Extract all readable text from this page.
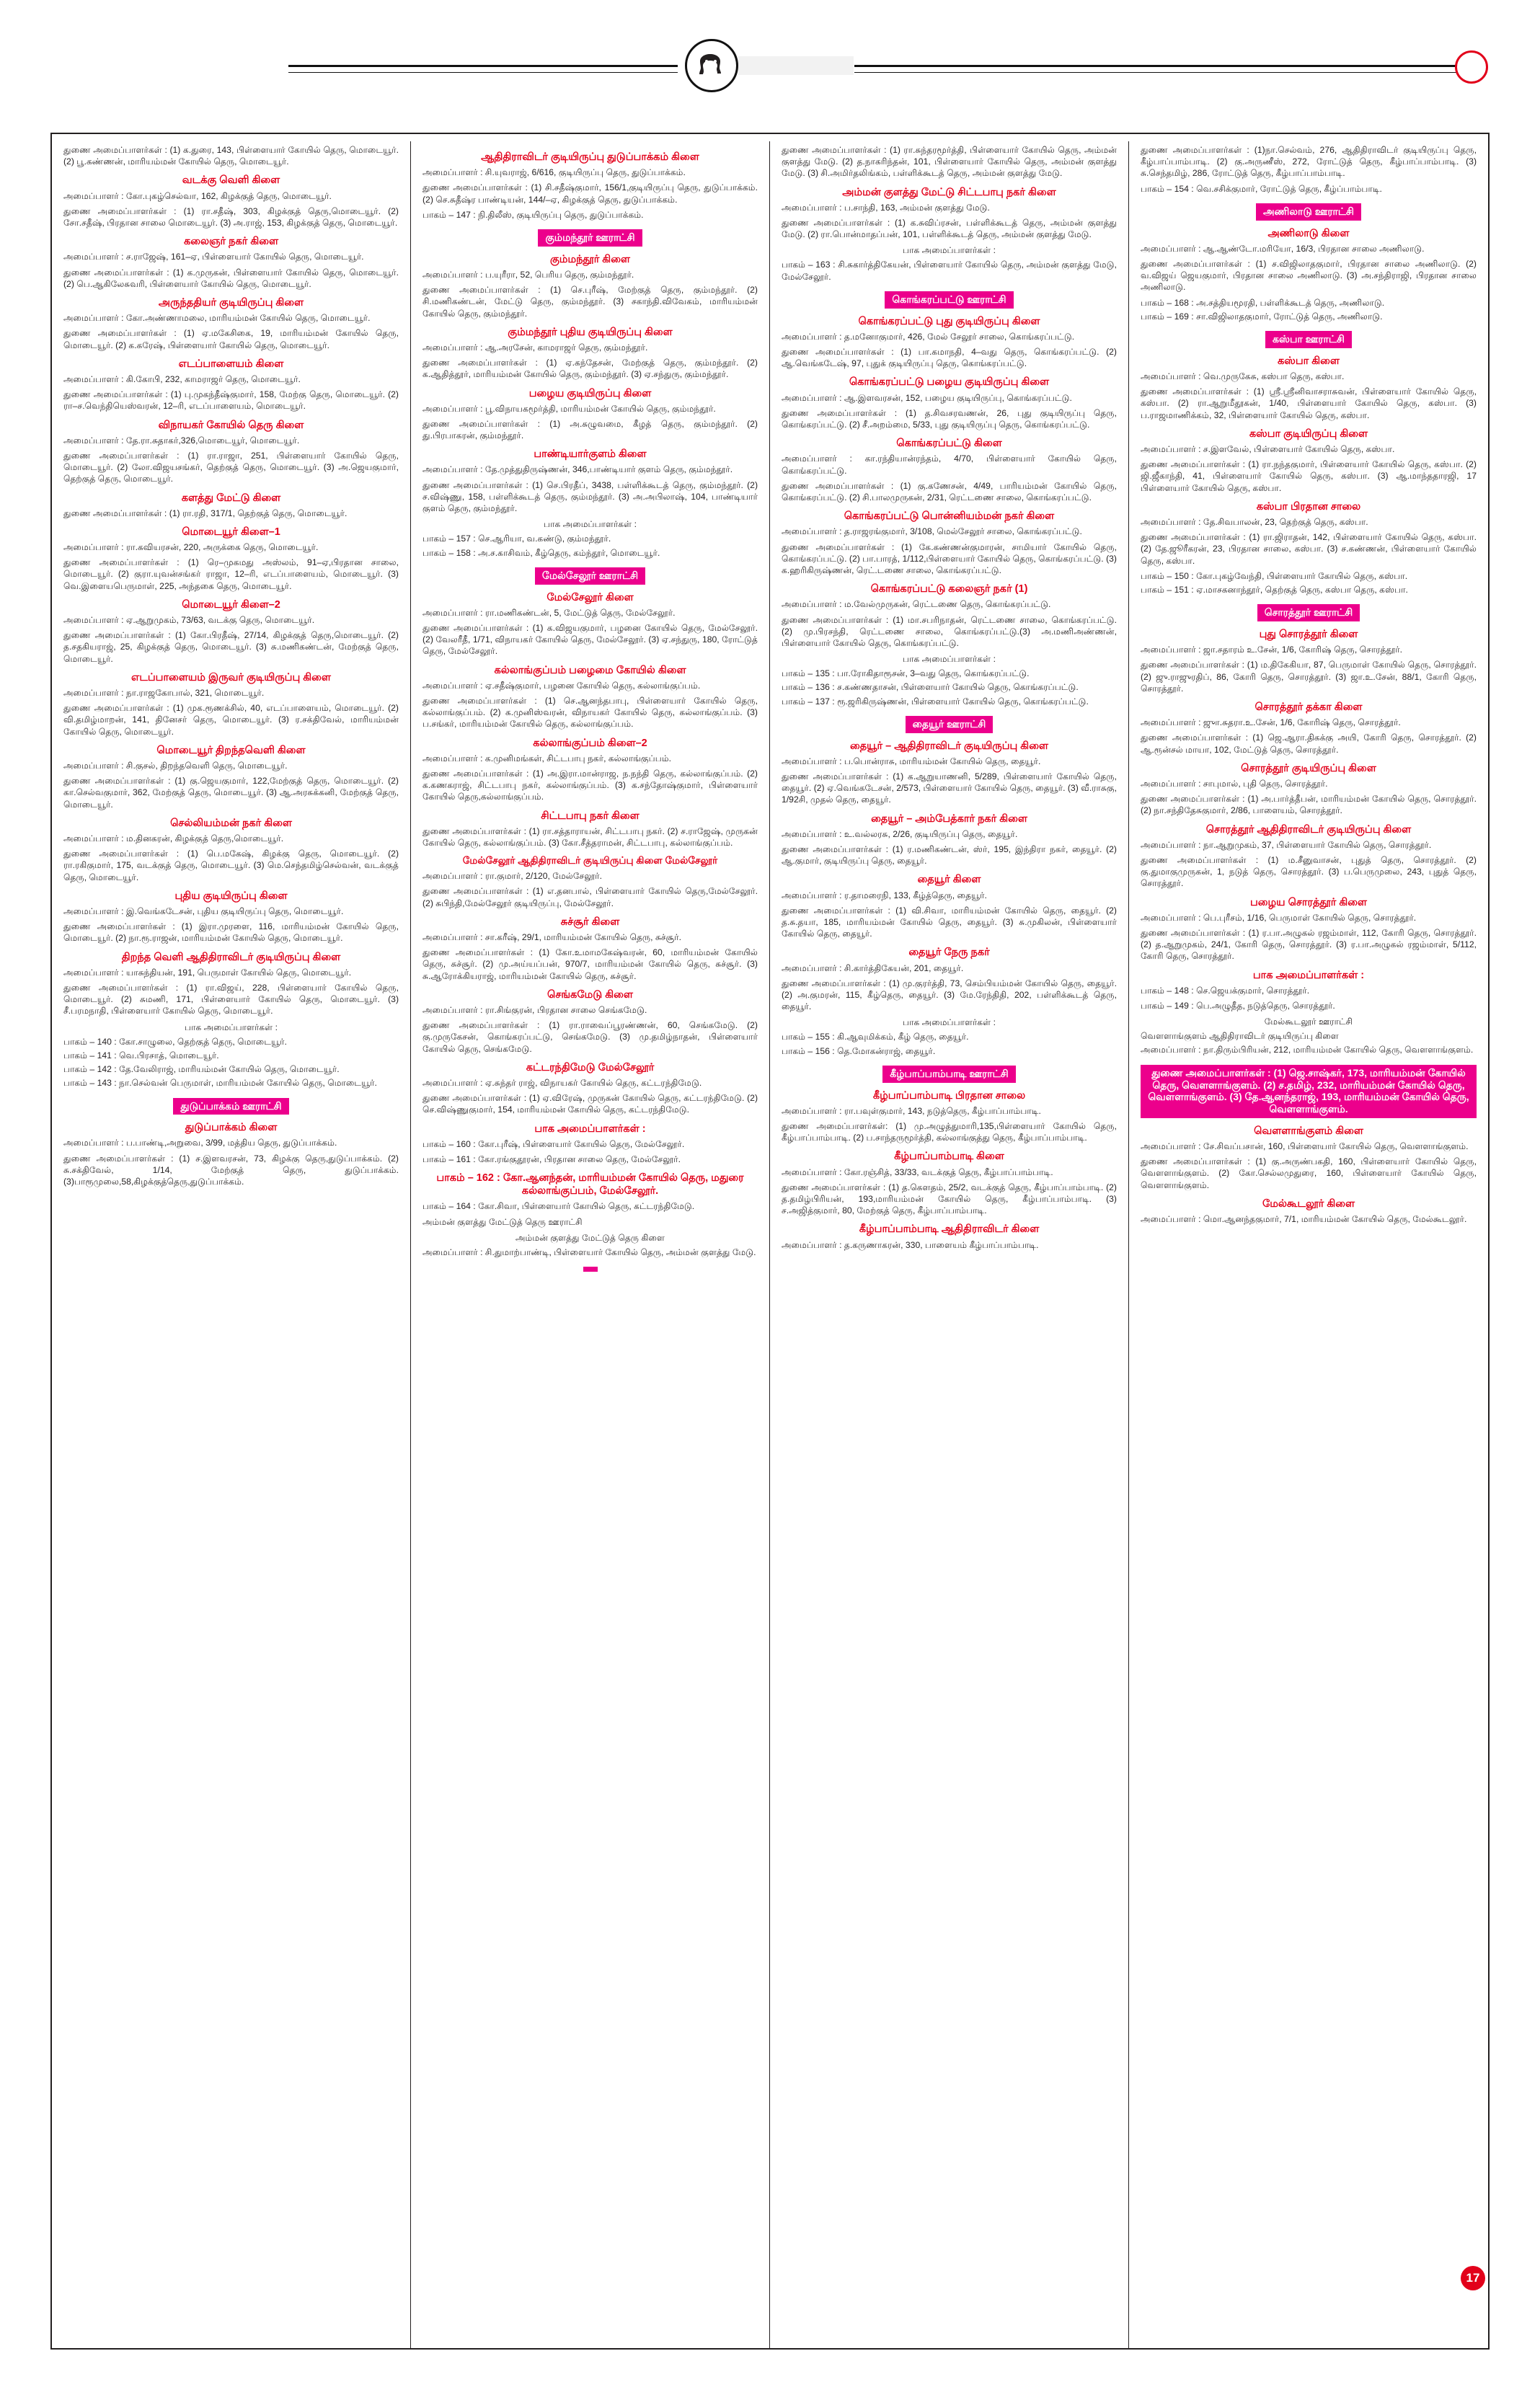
துணை அமைப்பாளர்கள் : (1) க.துரை, 143, பிள்ளையார் கோயில் தெரு, மொடையூர். (2) பூ.கண்ணன், மாரியம்மன் கோயில் தெரு, மொடையூர்.

வடக்கு வெளி கிளை

அமைப்பாளர் : கோ.புகழ்செல்வா, 162, கிழக்குத் தெரு, மொடையூர்.

துணை அமைப்பாளர்கள் : (1) ரா.சதீஷ், 303, கிழக்குத் தெரு,மொடையூர். (2) சோ.சதீஷ், பிரதான சாலை மொடையூர். (3) அ.ராஜ், 153, கிழக்குத் தெரு, மொடையூர்.

கலைஞர் நகர் கிளை

அமைப்பாளர் : ச.ராஜேஷ், 161–ஏ, பிள்ளையார் கோயில் தெரு, மொடையூர்.

துணை அமைப்பாளர்கள் : (1) க.முருகன், பிள்ளையார் கோயில் தெரு, மொடையூர். (2) பெ.ஆகிலேசுவரி, பிள்ளையார் கோயில் தெரு, மொடையூர்.

அருந்ததியர் குடியிருப்பு கிளை

அமைப்பாளர் : கோ.அண்ணாமலை, மாரியம்மன் கோயில் தெரு, மொடையூர்.

துணை அமைப்பாளர்கள் : (1) ஏ.மகேசிகை, 19, மாரியம்மன் கோயில் தெரு, மொடையூர். (2) க.கரேஷ், பிள்ளையார் கோயில் தெரு, மொடையூர்.

எடப்பாளையம் கிளை

அமைப்பாளர் : கி.கோபி, 232, காமராஜர் தெரு, மொடையூர்.

துணை அமைப்பாளர்கள் : (1) பு.முகந்தீஷ்குமார், 158, மேற்கு தெரு, மொடையூர். (2) ரா–ச.வெந்தியெஸ்வரன், 12–ரி, எடப்பாளையம், மொடையூர்.

விநாயகர் கோயில் தெரு கிளை

அமைப்பாளர் : தே.ரா.சுதாகர்,326,மொடையூர், மொடையூர்.

துணை அமைப்பாளர்கள் : (1) ரா.ராஜா, 251, பிள்ளையார் கோயில் தெரு, மொடையூர். (2) லோ.விஜயசங்கர், தெற்குத் தெரு, மொடையூர். (3) அ.ஜெயகுமார், தெற்குத் தெரு, மொடையூர்.

களத்து மேட்டு கிளை

துணை அமைப்பாளர்கள் : (1) ரா.ரதி, 317/1, தெற்குத் தெரு, மொடையூர்.

மொடையூர் கிளை–1

அமைப்பாளர் : ரா.கவியரசன், 220, அருக்கை தெரு, மொடையூர்.

துணை அமைப்பாளர்கள் : (1) ரெ–முகமது அஸ்லம், 91–ஏ,பிரதான சாலை, மொடையூர். (2) குரா.யுவன்சங்கர் ராஜா, 12–ரி, எடப்பாளையம், மொடையூர். (3) வெ.இளையபெருமாள், 225, அந்தகை தெரு, மொடையூர்.

மொடையூர் கிளை–2

அமைப்பாளர் : ஏ.ஆறுமுகம், 73/63, வடக்கு தெரு, மொடையூர்.

துணை அமைப்பாளர்கள் : (1) கோ.பிரதீஷ், 27/14, கிழக்குத் தெரு,மொடையூர். (2) த.சதகியராஜ், 25, கிழக்குத் தெரு, மொடையூர். (3) சு.மணிகண்டன், மேற்குத் தெரு, மொடையூர்.

எடப்பாளையம் இருவர் குடியிருப்பு கிளை

அமைப்பாளர் : நா.ராஜகோபால், 321, மொடையூர்.

துணை அமைப்பாளர்கள் : (1) முக.ரூணக்சில், 40, எடப்பாளையம், மொடையூர். (2) வி.தமிழ்மாறன், 141, தினேசர் தெரு, மொடையூர். (3) ர.சக்திவேல், மாரியம்மன் கோயில் தெரு, மொடையூர்.

மொடையூர் திறந்தவெளி கிளை

அமைப்பாளர் : சி.குசல், திறந்தவெளி தெரு, மொடையூர்.

துணை அமைப்பாளர்கள் : (1) கு.ஜெயகுமார், 122,மேற்குத் தெரு, மொடையூர். (2) கா.செல்வகுமார், 362, மேற்குத் தெரு, மொடையூர். (3) ஆ.அரசுக்கனி, மேற்குத் தெரு, மொடையூர்.

செல்லியம்மன் நகர் கிளை

அமைப்பாளர் : ம.தினகரன், கிழக்குத் தெரு,மொடையூர்.

துணை அமைப்பாளர்கள் : (1) பெ.மகேஷ், கிழக்கு தெரு, மொடையூர். (2) ரா.ரகிகுமார், 175, வடக்குத் தெரு, மொடையூர். (3) மெ.செந்தமிழ்செல்வன், வடக்குத் தெரு, மொடையூர்.

புதிய குடியிருப்பு கிளை

அமைப்பாளர் : இ.வெங்கடேசன், புதிய குடியிருப்பு தெரு, மொடையூர்.

துணை அமைப்பாளர்கள் : (1) இரா.முரளை, 116, மாரியம்மன் கோயில் தெரு, மொடையூர். (2) நா.ரூ.ராஜன், மாரியம்மன் கோயில் தெரு, மொடையூர்.

திறந்த வெளி ஆதிதிராவிடர் குடியிருப்பு கிளை

அமைப்பாளர் : யாசுந்தியன், 191, பெருமாள் கோயில் தெரு, மொடையூர்.

துணை அமைப்பாளர்கள் : (1) ரா.விஜய், 228, பிள்ளையார் கோயில் தெரு, மொடையூர். (2) சுமணி, 171, பிள்ளையார் கோயில் தெரு, மொடையூர். (3) சீ.பரமநாதி, பிள்ளையார் கோயில் தெரு, மொடையூர்.

பாக அமைப்பாளர்கள் :

பாகம் – 140 : கோ.சாழுலை, தெற்குத் தெரு, மொடையூர்.

பாகம் – 141 : வெ.பிரசாத், மொடையூர்.

பாகம் – 142 : தே.வேலிராஜ், மாரியம்மன் கோயில் தெரு, மொடையூர்.

பாகம் – 143 : நா.செல்வன் பெருமாள், மாரியம்மன் கோயில் தெரு, மொடையூர்.

துடுப்பாக்கம் ஊராட்சி
துடுப்பாக்கம் கிளை

அமைப்பாளர் : ப.பாண்டி,அறுவை, 3/99, மத்திய தெரு, துடுப்பாக்கம்.

துணை அமைப்பாளர்கள் : (1) ச.இளவரசன், 73, கிழக்கு தெரு,துடுப்பாக்கம். (2) சு.சக்திவேல், 1/14, மேற்குத் தெரு, துடுப்பாக்கம். (3)பாரூமுலை,58,கிழக்குத்தெரு,துடுப்பாக்கம்.

ஆதிதிராவிடர் குடியிருப்பு துடுப்பாக்கம் கிளை

அமைப்பாளர் : சி.யுவராஜ், 6/616, குடியிருப்பு தெரு, துடுப்பாக்கம்.

துணை அமைப்பாளர்கள் : (1) சி.சதீஷ்குமார், 156/1,குடியிருப்பு தெரு, துடுப்பாக்கம். (2) செ.சுதீஷ்ர பாண்டியன், 144/–ஏ, கிழக்குத் தெரு, துடுப்பாக்கம்.

பாகம் – 147 : நி.திலீஸ், குடியிருப்பு தெரு, துடுப்பாக்கம்.

கும்மந்தூர் ஊராட்சி
கும்மந்தூர் கிளை

அமைப்பாளர் : ப.யுரீரா, 52, பெரிய தெரு, கும்மந்தூர்.

துணை அமைப்பாளர்கள் : (1) செ.புரீஷ், மேற்குத் தெரு, கும்மந்தூர். (2) சி.மணிகண்டன், மேட்டு தெரு, கும்மந்தூர். (3) சகாந்தி.விவேகம், மாரியம்மன் கோயில் தெரு, கும்மந்தூர்.

கும்மந்தூர் புதிய குடியிருப்பு கிளை

அமைப்பாளர் : ஆ.அரசேன், காமராஜர் தெரு, கும்மந்தூர்.

துணை அமைப்பாளர்கள் : (1) ஏ.கந்தேசன், மேற்குத் தெரு, கும்மந்தூர். (2) க.ஆதித்தூர், மாரியம்மன் கோயில் தெரு, கும்மந்தூர். (3) ஏ.சந்துரு, கும்மந்தூர்.

பழைய குடியிருப்பு கிளை

அமைப்பாளர் : பூ.விநாயகமூர்த்தி, மாரியம்மன் கோயில் தெரு, கும்மந்தூர்.

துணை அமைப்பாளர்கள் : (1) அ.சுழுவமை, கீழத் தெரு, கும்மந்தூர். (2) து.பிரபாகரன், கும்மந்தூர்.

பாண்டியார்குளம் கிளை

அமைப்பாளர் : தே.முத்துதிருஷ்ணன், 346,பாண்டியார் குளம் தெரு, கும்மந்தூர்.

துணை அமைப்பாளர்கள் : (1) செ.பிரதீப், 3438, பள்ளிக்கூடத் தெரு, கும்மந்தூர். (2) ச.விஷ்ணு, 158, பள்ளிக்கூடத் தெரு, கும்மந்தூர். (3) அ.அபிலாஷ், 104, பாண்டியார் குளம் தெரு, கும்மந்தூர்.

பாக அமைப்பாளர்கள் :

பாகம் – 157 : செ.ஆரியா, வ.கண்டு, கும்மந்தூர்.

பாகம் – 158 : அ.ச.காசிவம், கீழ்தெரு, கம்ந்தூர், மொடையூர்.

மேல்சேலூர் ஊராட்சி
மேல்சேலூர் கிளை

அமைப்பாளர் : ரா.மணிகண்டன், 5, மேட்டுத் தெரு, மேல்சேலூர்.

துணை அமைப்பாளர்கள் : (1) க.விஜயகுமார், பழனை கோயில் தெரு, மேல்சேலூர். (2) வேலரீதீ, 1/71, விநாயகர் கோயில் தெரு, மேல்சேலூர். (3) ஏ.சந்துரு, 180, ரோட்டுத் தெரு, மேல்சேலூர்.

கல்லாங்குப்பம் பழைமை கோயில் கிளை

அமைப்பாளர் : ஏ.சதீஷ்குமார், பழனை கோயில் தெரு, கல்லாங்குப்பம்.

துணை அமைப்பாளர்கள் : (1) செ.ஆனந்தபாபு, பிள்ளையார் கோயில் தெரு, கல்லாங்குப்பம். (2) க.முனிஸ்வரன், விநாயகர் கோயில் தெரு, கல்லாங்குப்பம். (3) ப.சங்கர், மாரியம்மன் கோயில் தெரு, கல்லாங்குப்பம்.

கல்லாங்குப்பம் கிளை–2

அமைப்பாளர் : க.முனிமங்கள், சிட்டபாபு நகர், கல்லாங்குப்பம்.

துணை அமைப்பாளர்கள் : (1) அ.இரா.மான்ராஜ, ந.நந்தி தெரு, கல்லாங்குப்பம். (2) க.கணகராஜ், சிட்டபாபு நகர், கல்லாங்குப்பம். (3) க.சந்தோஷ்குமார், பிள்ளையார் கோயில் தெரு,கல்லாங்குப்பம்.

சிட்டபாபு நகர் கிளை

துணை அமைப்பாளர்கள் : (1) ரா.சத்தாராயன், சிட்டபாபு நகர். (2) ச.ராஜேஷ், முருகன் கோயில் தெரு, கல்லாங்குப்பம். (3) கோ.சீத்தராமன், சிட்டபாபு, கல்லாங்குப்பம்.

மேல்சேலூர் ஆதிதிராவிடர் குடியிருப்பு கிளை மேல்சேலூர்

அமைப்பாளர் : ரா.குமார், 2/120, மேல்சேலூர்.

துணை அமைப்பாளர்கள் : (1) எ.தனபால், பிள்ளையார் கோயில் தெரு,மேல்சேலூர். (2) சுபிந்தி,மேல்சேலூர் குடியிருப்பு, மேல்சேலூர்.

சுச்சூர் கிளை

அமைப்பாளர் : சா.கரீஷ், 29/1, மாரியம்மன் கோயில் தெரு, சுச்சூர்.

துணை அமைப்பாளர்கள் : (1) கோ.உமாமகேஷ்வரன், 60, மாரியம்மன் கோயில் தெரு, சுச்சூர். (2) மு.அய்யப்பன், 970/7, மாரியம்மன் கோயில் தெரு, சுச்சூர். (3) சு.ஆரோக்கியராஜ், மாரியம்மன் கோயில் தெரு, சுச்சூர்.

செங்கமேடு கிளை

அமைப்பாளர் : ரா.சிங்குரன், பிரதான சாலை செங்கமேடு.

துணை அமைப்பாளர்கள் : (1) ரா.ராவைப்பூரண்ணன், 60, செங்கமேடு. (2) கு.முருகேசன், கொங்கரப்பட்டு, செங்கமேடு. (3) மு.தமிழ்நாதன், பிள்ளையார் கோயில் தெரு, செங்கமேடு.

கட்டரந்திமேடு மேல்சேலூர்

அமைப்பாளர் : ஏ.சுந்தர் ராஜ், விநாயகர் கோயில் தெரு, கட்டரந்திமேடு.

துணை அமைப்பாளர்கள் : (1) ஏ.விரேஷ், முருகன் கோயில் தெரு, கட்டரந்திமேடு. (2) செ.விஷ்ணுகுமார், 154, மாரியம்மன் கோயில் தெரு, கட்டரந்திமேடு.

பாக அமைப்பாளர்கள் :

பாகம் – 160 : கோ.புரீஷ், பிள்ளையார் கோயில் தெரு, மேல்சேலூர்.

பாகம் – 161 : கோ.ரங்குதூரன், பிரதான சாலை தெரு, மேல்சேலூர்.

பாகம் – 162 : கோ.ஆனந்தன், மாரியம்மன் கோயில் தெரு, மதுரை கல்லாங்குப்பம், மேல்சேலூர்.

பாகம் – 164 : கோ.சிவா, பிள்ளையார் கோயில் தெரு, கட்டரந்திமேடு.

அம்மன் குளத்து மேட்டுத் தெரு ஊராட்சி

அம்மன் குளத்து மேட்டுத் தெரு கிளை

அமைப்பாளர் : சி.துமாற்பாண்டி, பிள்ளையார் கோயில் தெரு, அம்மன் குளத்து மேடு.

துணை அமைப்பாளர்கள் : (1) ரா.சுந்தரமூர்த்தி, பிள்ளையார் கோயில் தெரு, அம்மன் குளத்து மேடு. (2) த.நாகரிந்தன், 101, பிள்ளையார் கோயில் தெரு, அம்மன் குளத்து மேடு. (3) சி.அமிர்தலிங்கம், பள்ளிக்கூடத் தெரு, அம்மன் குளத்து மேடு.

அம்மன் குளத்து மேட்டு சிட்டபாபு நகர் கிளை

அமைப்பாளர் : ப.சாந்தி, 163, அம்மன் குளத்து மேடு.

துணை அமைப்பாளர்கள் : (1) க.சுவிப்ரசன், பள்ளிக்கூடத் தெரு, அம்மன் குளத்து மேடு. (2) ரா.பொன்மாதப்பன், 101, பள்ளிக்கூடத் தெரு, அம்மன் குளத்து மேடு.

பாக அமைப்பாளர்கள் :

பாகம் – 163 : சி.சுகார்த்திகேயன், பிள்ளையார் கோயில் தெரு, அம்மன் குளத்து மேடு, மேல்சேலூர்.

கொங்கரப்பட்டு ஊராட்சி
கொங்கரப்பட்டு புது குடியிருப்பு கிளை

அமைப்பாளர் : த.மனோகுமார், 426, மேல் சேலூர் சாலை, கொங்கரப்பட்டு.

துணை அமைப்பாளர்கள் : (1) பா.கமாநதி, 4–வது தெரு, கொங்கரப்பட்டு. (2) ஆ.வெங்கடேஷ், 97, புதுக் குடியிருப்பு தெரு, கொங்கரப்பட்டு.

கொங்கரப்பட்டு பழைய குடியிருப்பு கிளை

அமைப்பாளர் : ஆ.இளவரசன், 152, பழைய குடியிருப்பு, கொங்கரப்பட்டு.

துணை அமைப்பாளர்கள் : (1) த.சிவசரவணன், 26, புது குடியிருப்பு தெரு, கொங்கரப்பட்டு. (2) சீ.அறம்மை, 5/33, புது குடியிருப்பு தெரு, கொங்கரப்பட்டு.

கொங்கரப்பட்டு கிளை

அமைப்பாளர் : கா.ரந்தியான்ரந்தம், 4/70, பிள்ளையார் கோயில் தெரு, கொங்கரப்பட்டு.

துணை அமைப்பாளர்கள் : (1) கு.கணேசன், 4/49, பாரியம்மன் கோயில் தெரு, கொங்கரப்பட்டு. (2) சி.பாலமுருகன், 2/31, ரெட்டணை சாலை, கொங்கரப்பட்டு.

கொங்கரப்பட்டு பொன்னியம்மன் நகர் கிளை

அமைப்பாளர் : த.ராஜரங்குமார், 3/108, மெல்சேலூர் சாலை, கொங்கரப்பட்டு.

துணை அமைப்பாளர்கள் : (1) கே.கண்ணன்குமாரன், சாமியார் கோயில் தெரு, கொங்கரப்பட்டு. (2) பா.பாரத், 1/112,பிள்ளையார் கோயில் தெரு, கொங்கரப்பட்டு. (3) க.ஹரிகிருஷ்ணன், ரெட்.டணை சாலை, கொங்கரப்பட்டு.

கொங்கரப்பட்டு கலைஞர் நகர் (1)

அமைப்பாளர் : ம.வேல்முருகன், ரெட்டணை தெரு, கொங்கரப்பட்டு.

துணை அமைப்பாளர்கள் : (1) மா.சபரிநாதன், ரெட்டணை சாலை, கொங்கரப்பட்டு. (2) மு.பிரசந்தி, ரெட்டணை சாலை, கொங்கரப்பட்டு.(3) அ.மணிஅண்ணன், பிள்ளையார் கோயில் தெரு, கொங்கரப்பட்டு.

பாக அமைப்பாளர்கள் :

பாகம் – 135 : பா.ரோகிதாரூசன், 3–வது தெரு, கொங்கரப்பட்டு.

பாகம் – 136 : ச.கண்ணதாசன், பிள்ளையார் கோயில் தெரு, கொங்கரப்பட்டு.

பாகம் – 137 : ரூ.ஜரிகிருஷ்ணன், பிள்ளையார் கோயில் தெரு, கொங்கரப்பட்டு.

தையூர் ஊராட்சி
தையூர் – ஆதிதிராவிடர் குடியிருப்பு கிளை

அமைப்பாளர் : ப.பொன்ராசு, மாரியம்மன் கோயில் தெரு, தையூர்.

துணை அமைப்பாளர்கள் : (1) க.ஆறுயாணனி, 5/289, பிள்ளையார் கோயில் தெரு, தையூர். (2) ஏ.வெங்கடேசன், 2/573, பிள்ளையார் கோயில் தெரு, தையூர். (3) வீ.ராசுகு, 1/92சி, முதல் தெரு, தையூர்.

தையூர் – அம்பேத்கார் நகர் கிளை

அமைப்பாளர் : உ.வல்லரசு, 2/26, குடியிருப்பு தெரு, தையூர்.

துணை அமைப்பாளர்கள் : (1) ர.மணிகண்டன், ஸ்ர், 195, இந்திரா நகர், தையூர். (2) ஆ.குமார், குடியிருப்பு தெரு, தையூர்.

தையூர் கிளை

அமைப்பாளர் : ர.தாமரைநி, 133, கீழ்த்தெரு, தையூர்.

துணை அமைப்பாளர்கள் : (1) வி.சிவா, மாரியம்மன் கோயில் தெரு, தையூர். (2) த.சு.தயா, 185, மாரியம்மன் கோயில் தெரு, தையூர். (3) சு.முகிலன், பிள்ளையார் கோயில் தெரு, தையூர்.

தையூர் நேரு நகர்

அமைப்பாளர் : சி.கார்த்திகேயன், 201, தையூர்.

துணை அமைப்பாளர்கள் : (1) மு.குரர்த்தி, 73, செம்பியம்மன் கோயில் தெரு, தையூர். (2) அ.குமரன், 115, கீழ்தெரு, தையூர். (3) மே.ரேந்திதி, 202, பள்ளிக்கூடத் தெரு, தையூர்.

பாக அமைப்பாளர்கள் :

பாகம் – 155 : கி.ஆவுமிக்கம், கீழ் தெரு, தையூர்.

பாகம் – 156 : தெ.மோகன்ராஜ், தையூர்.

கீழ்பாப்பாம்பாடி ஊராட்சி
கீழ்பாப்பாம்பாடி பிரதான சாலை

அமைப்பாளர் : ரா.பவுள்குமார், 143, நடுத்தெரு, கீழ்பாப்பாம்பாடி.

துணை அமைப்பாளர்கள்: (1) மு.அழுத்துமாரி,135,பிள்ளையார் கோயில் தெரு, கீழ்பாப்பாம்பாடி. (2) ப.சாந்தருமூர்த்தி, கல்லாங்குத்து தெரு, கீழ்பாப்பாம்பாடி.

கீழ்பாப்பாம்பாடி கிளை

அமைப்பாளர் : கோ.ரஞ்சித், 33/33, வடக்குத் தெரு, கீழ்பாப்பாம்பாடி.

துணை அமைப்பாளர்கள் : (1) த.கௌதம், 25/2, வடக்குத் தெரு, கீழ்பாப்பாம்பாடி. (2) த.தமிழ்பிரியன், 193,மாரியம்மன் கோயில் தெரு, கீழ்பாப்பாம்பாடி. (3) ச.அஜித்குமார், 80, மேற்குத் தெரு, கீழ்பாப்பாம்பாடி.

கீழ்பாப்பாம்பாடி ஆதிதிராவிடர் கிளை

அமைப்பாளர் : த.கருணாகரன், 330, பாளையம் கீழ்பாப்பாம்பாடி.

துணை அமைப்பாளர்கள் : (1)நா.செல்வம், 276, ஆதிதிராவிடர் குடியிருப்பு தெரு, கீழ்பாப்பாம்பாடி. (2) கு.அருணீஸ், 272, ரோட்டுத் தெரு, கீழ்பாப்பாம்பாடி. (3) சு.செந்தமிழ், 286, ரோட்டுத் தெரு, கீழ்பாப்பாம்பாடி.

பாகம் – 154 : வெ.சசிக்குமார், ரோட்டுத் தெரு, கீழ்ப்பாம்பாடி.

அணிலாடு ஊராட்சி
அணிலாடு கிளை

அமைப்பாளர் : ஆ.ஆண்டோ.மரியோ, 16/3, பிரதான சாலை அணிலாடு.

துணை அமைப்பாளர்கள் : (1) ச.விஜிலாதகுமார், பிரதான சாலை அணிலாடு. (2) வ.விஜய் ஜெயகுமார், பிரதான சாலை அணிலாடு. (3) அ.சந்திராஜி, பிரதான சாலை அணிலாடு.

பாகம் – 168 : அ.சத்தியமூரதி, பள்ளிக்கூடத் தெரு, அணிலாடு.

பாகம் – 169 : சா.விஜிலாதகுமார், ரோட்டுத் தெரு, அணிலாடு.

கஸ்பா ஊராட்சி
கஸ்பா கிளை

அமைப்பாளர் : வெ.முருகேசு, கஸ்பா தெரு, கஸ்பா.

துணை அமைப்பாளர்கள் : (1) ஶ்ரீ.ஶ்ரீனிவாசராசுவன், பிள்ளையார் கோயில் தெரு, கஸ்பா. (2) ரா.ஆறுமீதூகன், 1/40, பிள்ளையார் கோயில் தெரு, கஸ்பா. (3) ப.ராஜமாணிக்கம், 32, பிள்ளையார் கோயில் தெரு, கஸ்பா.

கஸ்பா குடியிருப்பு கிளை

அமைப்பாளர் : ச.இளவேல், பிள்ளையார் கோயில் தெரு, கஸ்பா.

துணை அமைப்பாளர்கள் : (1) ரா.நந்தகுமார், பிள்ளையார் கோயில் தெரு, கஸ்பா. (2) ஜி.ஜீகாந்தி, 41, பிள்ளையார் கோயில் தெரு, கஸ்பா. (3) ஆ.மாந்ததாரஜி, 17 பிள்ளையார் கோயில் தெரு, கஸ்பா.

கஸ்பா பிரதான சாலை

அமைப்பாளர் : தே.சிவபாலன், 23, தெற்குத் தெரு, கஸ்பா.

துணை அமைப்பாளர்கள் : (1) ரா.ஜிராதன், 142, பிள்ளையார் கோயில் தெரு, கஸ்பா. (2) தே.ஜூரீகரன், 23, பிரதான சாலை, கஸ்பா. (3) ச.கண்ணன், பிள்ளையார் கோயில் தெரு, கஸ்பா.

பாகம் – 150 : கோ.புகழ்வேந்தி, பிள்ளையார் கோயில் தெரு, கஸ்பா.

பாகம் – 151 : ஏ.மாசகனாந்தூர், தெற்குத் தெரு, கஸ்பா தெரு, கஸ்பா.

சொரத்தூர் ஊராட்சி
புது சொரத்தூர் கிளை

அமைப்பாளர் : ஜா.சதாரம் உ.சேன், 1/6, கோரிஷ் தெரு, சொரத்தூர்.

துணை அமைப்பாளர்கள் : (1) ம.திகேகியா, 87, பெருமாள் கோயில் தெரு, சொரத்தூர். (2) ஜு.ராஜுரதிப், 86, கோரி தெரு, சொரத்தூர். (3) ஜா.உ.சேன், 88/1, கோரி தெரு, சொரத்தூர்.

சொரத்தூர் தக்கா கிளை

அமைப்பாளர் : ஜுா.சுதரா.உ.சேன், 1/6, கோரிஷ் தெரு, சொரத்தூர்.

துணை அமைப்பாளர்கள் : (1) ஜெ.ஆரா.திகக்கு அயி, கோரி தெரு, சொரத்தூர். (2) ஆ.ரூன்சல் மாயா, 102, மேட்டுத் தெரு, சொரத்தூர்.

சொரத்தூர் குடியிருப்பு கிளை

அமைப்பாளர் : சாபுமால், புதி தெரு, சொரத்தூர்.

துணை அமைப்பாளர்கள் : (1) அ.பார்த்தீபன், மாரியம்மன் கோயில் தெரு, சொரத்தூர். (2) நா.சந்திதேசுகுமார், 2/86, பாளையம், சொரத்தூர்.

சொரத்தூர் ஆதிதிராவிடர் குடியிருப்பு கிளை

அமைப்பாளர் : நா.ஆறுமுகம், 37, பிள்ளையார் கோயில் தெரு, சொரத்தூர்.

துணை அமைப்பாளர்கள் : (1) ம.சீனுவாசன், புதுத் தெரு, சொரத்தூர். (2) கு.துமாகுமுருகன், 1, நடுத் தெரு, சொரத்தூர். (3) ப.பெருமுலை, 243, புதுத் தெரு, சொரத்தூர்.

பழைய சொரத்தூர் கிளை

அமைப்பாளர் : பெ.புரீசம், 1/16, பெருமாள் கோயில் தெரு, சொரத்தூர்.

துணை அமைப்பாளர்கள் : (1) ர.பா.அழுகல் ரஜம்மாள், 112, கோரி தெரு, சொரத்தூர். (2) த.ஆறுமுகம், 24/1, கோரி தெரு, சொரத்தூர். (3) ர.பா.அழுகல் ரஜம்மாள், 5/112, கோரி தெரு, சொரத்தூர்.

பாக அமைப்பாளர்கள் :

பாகம் – 148 : செ.ஜெயக்குமார், சொரத்தூர்.

பாகம் – 149 : பெ.அழுதீத, நடுத்தெரு, சொரத்தூர்.

மேல்கூடலூர் ஊராட்சி

வௌளாங்குளம் ஆதிதிராவிடர் குடியிருப்பு கிளை

அமைப்பாளர் : நா.திரும்பிரியன், 212, மாரியம்மன் கோயில் தெரு, வௌளாங்குளம்.

துணை அமைப்பாளர்கள் : (1) ஜெ.சாஷ்கர், 173, மாரியம்மன் கோயில் தெரு, வௌளாங்குளம். (2) ச.தமிழ், 232, மாரியம்மன் கோயில் தெரு, வௌளாங்குளம். (3) தே.ஆனந்தராஜ், 193, மாரியம்மன் கோயில் தெரு, வௌளாங்குளம்.
வௌளாங்குளம் கிளை

அமைப்பாளர் : சே.சிவப்பசான், 160, பிள்ளையார் கோயில் தெரு, வௌளாங்குளம்.

துணை அமைப்பாளர்கள் : (1) கு.அருண்பகதி, 160, பிள்ளையார் கோயில் தெரு, வௌளாங்குளம். (2) கோ.செல்லமுதுரை, 160, பிள்ளையார் கோயில் தெரு, வௌளாங்குளம்.

மேல்கூடலூர் கிளை

அமைப்பாளர் : மொ.ஆனந்தகுமார், 7/1, மாரியம்மன் கோயில் தெரு, மேல்கூடலூர்.

17
